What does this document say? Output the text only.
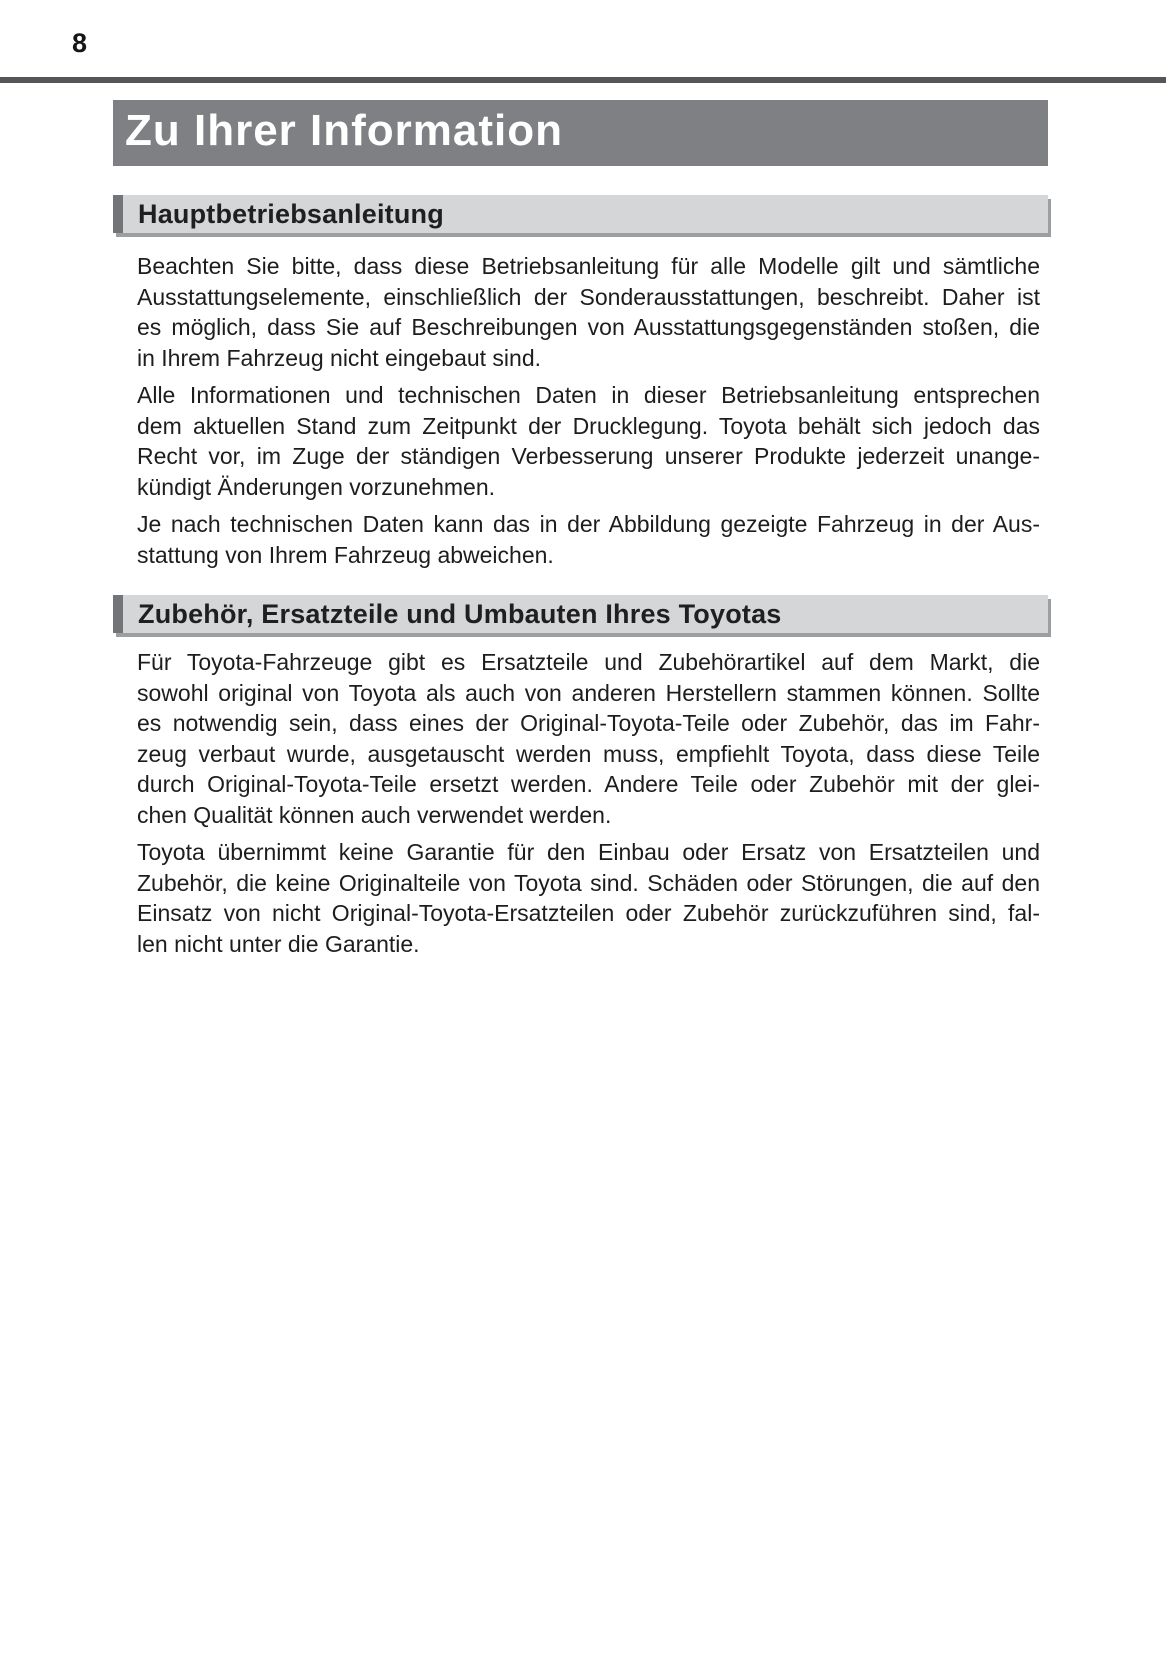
8
Zu Ihrer Information
Hauptbetriebsanleitung
Beachten Sie bitte, dass diese Betriebsanleitung für alle Modelle gilt und sämtliche
Ausstattungselemente, einschließlich der Sonderausstattungen, beschreibt. Daher ist
es möglich, dass Sie auf Beschreibungen von Ausstattungsgegenständen stoßen, die
in Ihrem Fahrzeug nicht eingebaut sind.
Alle Informationen und technischen Daten in dieser Betriebsanleitung entsprechen
dem aktuellen Stand zum Zeitpunkt der Drucklegung. Toyota behält sich jedoch das
Recht vor, im Zuge der ständigen Verbesserung unserer Produkte jederzeit unange-
kündigt Änderungen vorzunehmen.
Je nach technischen Daten kann das in der Abbildung gezeigte Fahrzeug in der Aus-
stattung von Ihrem Fahrzeug abweichen.
Zubehör, Ersatzteile und Umbauten Ihres Toyotas
Für Toyota-Fahrzeuge gibt es Ersatzteile und Zubehörartikel auf dem Markt, die
sowohl original von Toyota als auch von anderen Herstellern stammen können. Sollte
es notwendig sein, dass eines der Original-Toyota-Teile oder Zubehör, das im Fahr-
zeug verbaut wurde, ausgetauscht werden muss, empfiehlt Toyota, dass diese Teile
durch Original-Toyota-Teile ersetzt werden. Andere Teile oder Zubehör mit der glei-
chen Qualität können auch verwendet werden.
Toyota übernimmt keine Garantie für den Einbau oder Ersatz von Ersatzteilen und
Zubehör, die keine Originalteile von Toyota sind. Schäden oder Störungen, die auf den
Einsatz von nicht Original-Toyota-Ersatzteilen oder Zubehör zurückzuführen sind, fal-
len nicht unter die Garantie.
